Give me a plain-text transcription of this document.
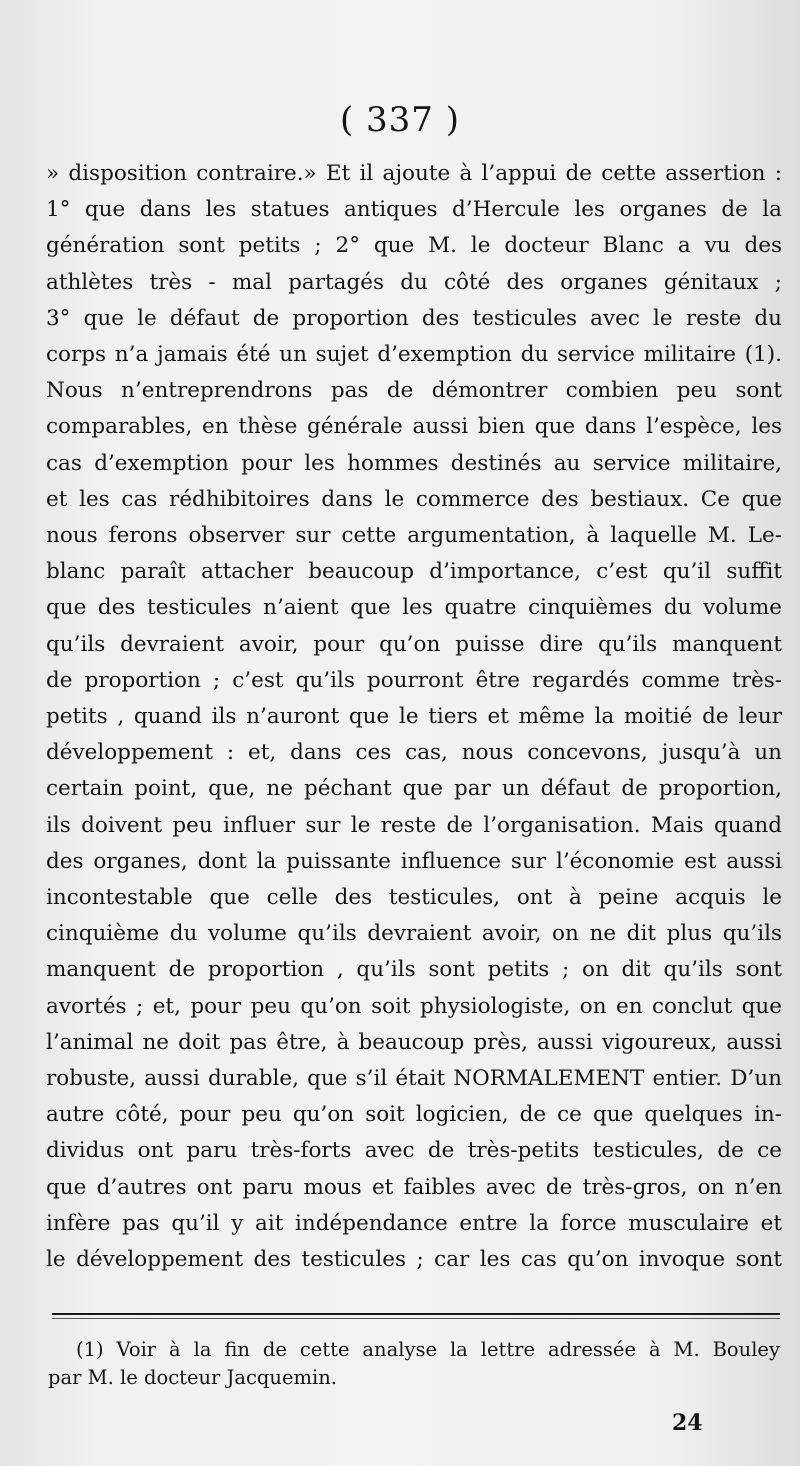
( 337 )
» disposition contraire.» Et il ajoute à l’appui de cette assertion :
1° que dans les statues antiques d’Hercule les organes de la
génération sont petits ; 2° que M. le docteur Blanc a vu des
athlètes très - mal partagés du côté des organes génitaux ;
3° que le défaut de proportion des testicules avec le reste du
corps n’a jamais été un sujet d’exemption du service militaire (1).
Nous n’entreprendrons pas de démontrer combien peu sont
comparables, en thèse générale aussi bien que dans l’espèce, les
cas d’exemption pour les hommes destinés au service militaire,
et les cas rédhibitoires dans le commerce des bestiaux. Ce que
nous ferons observer sur cette argumentation, à laquelle M. Le-
blanc paraît attacher beaucoup d’importance, c’est qu’il suffit
que des testicules n’aient que les quatre cinquièmes du volume
qu’ils devraient avoir, pour qu’on puisse dire qu’ils manquent
de proportion ; c’est qu’ils pourront être regardés comme très-
petits , quand ils n’auront que le tiers et même la moitié de leur
développement : et, dans ces cas, nous concevons, jusqu’à un
certain point, que, ne péchant que par un défaut de proportion,
ils doivent peu influer sur le reste de l’organisation. Mais quand
des organes, dont la puissante influence sur l’économie est aussi
incontestable que celle des testicules, ont à peine acquis le
cinquième du volume qu’ils devraient avoir, on ne dit plus qu’ils
manquent de proportion , qu’ils sont petits ; on dit qu’ils sont
avortés ; et, pour peu qu’on soit physiologiste, on en conclut que
l’animal ne doit pas être, à beaucoup près, aussi vigoureux, aussi
robuste, aussi durable, que s’il était NORMALEMENT entier. D’un
autre côté, pour peu qu’on soit logicien, de ce que quelques in-
dividus ont paru très-forts avec de très-petits testicules, de ce
que d’autres ont paru mous et faibles avec de très-gros, on n’en
infère pas qu’il y ait indépendance entre la force musculaire et
le développement des testicules ; car les cas qu’on invoque sont
(1) Voir à la fin de cette analyse la lettre adressée à M. Bouley
par M. le docteur Jacquemin.
24
